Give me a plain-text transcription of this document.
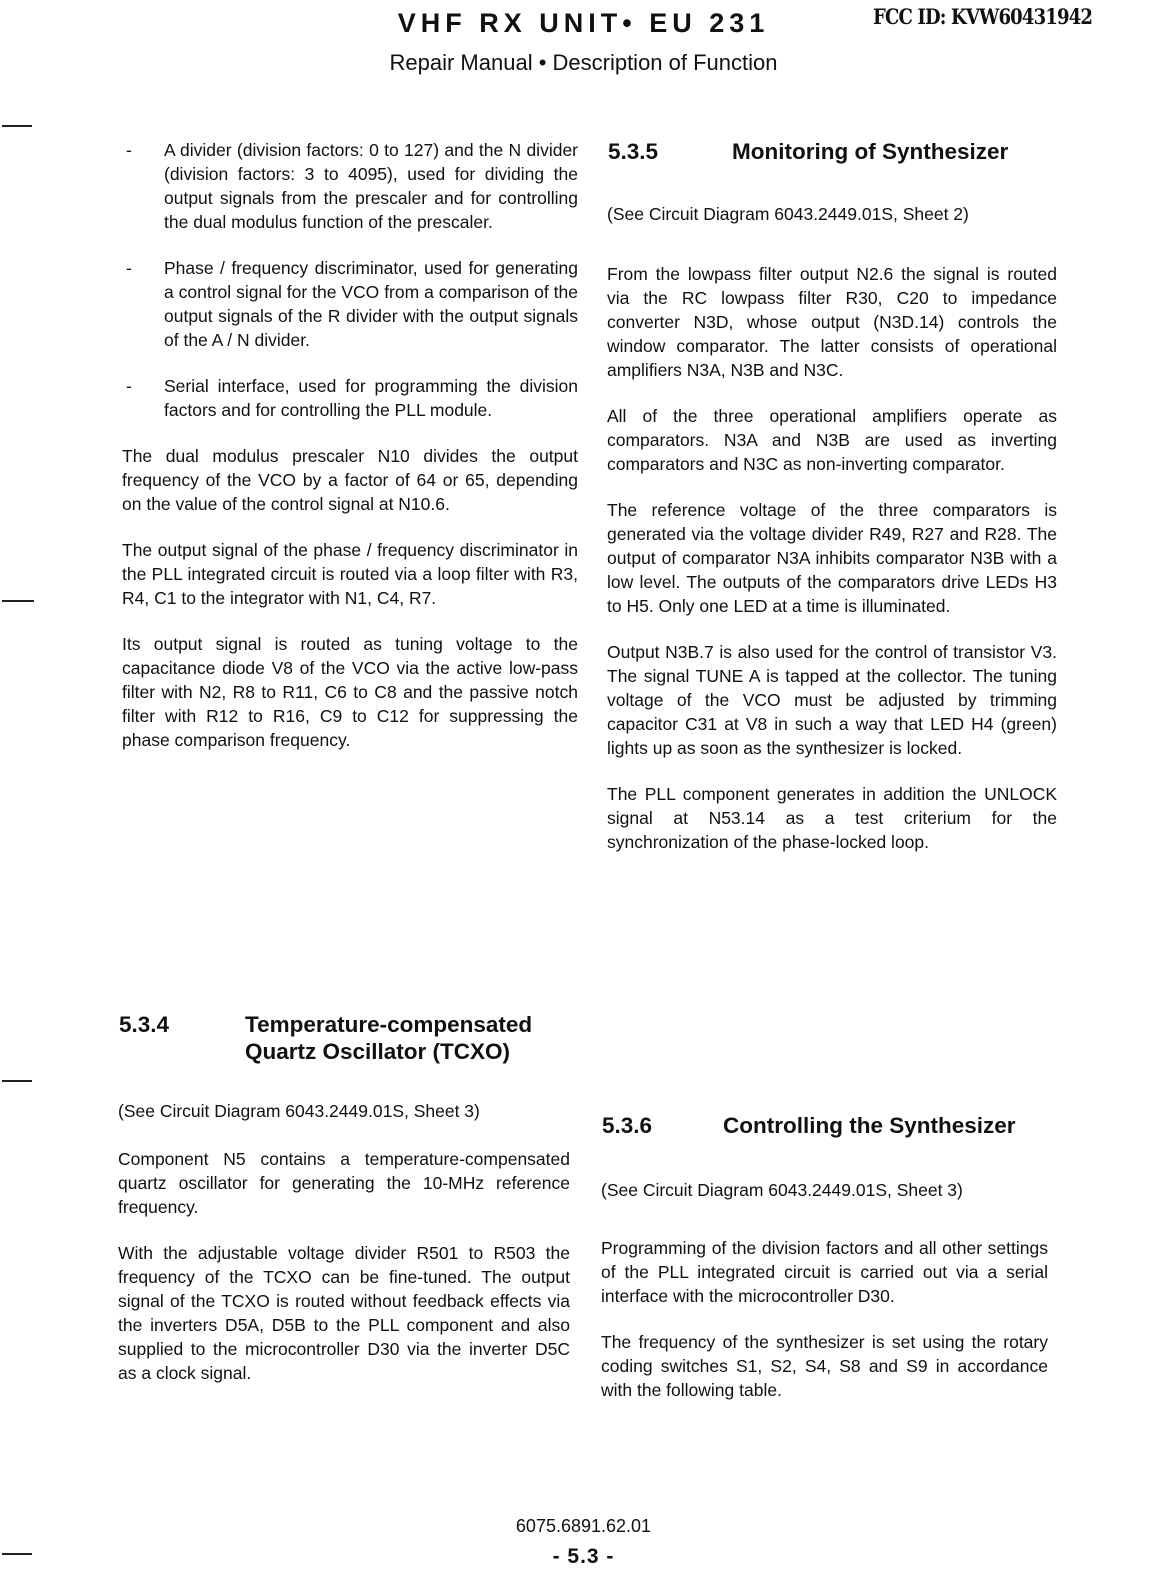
VHF RX UNIT• EU 231	FCC ID: KVW60431942
Repair Manual • Description of Function
- A divider (division factors: 0 to 127) and the N divider (division factors: 3 to 4095), used for dividing the output signals from the prescaler and for controlling the dual modulus function of the prescaler.

- Phase / frequency discriminator, used for generating a control signal for the VCO from a comparison of the output signals of the R divider with the output signals of the A / N divider.

- Serial interface, used for programming the division factors and for controlling the PLL module.

The dual modulus prescaler N10 divides the output frequency of the VCO by a factor of 64 or 65, depending on the value of the control signal at N10.6.

The output signal of the phase / frequency discriminator in the PLL integrated circuit is routed via a loop filter with R3, R4, C1 to the integrator with N1, C4, R7.

Its output signal is routed as tuning voltage to the capacitance diode V8 of the VCO via the active low-pass filter with N2, R8 to R11, C6 to C8 and the passive notch filter with R12 to R16, C9 to C12 for suppressing the phase comparison frequency.

5.3.4	Temperature-compensated
Quartz Oscillator (TCXO)

(See Circuit Diagram 6043.2449.01S, Sheet 3)

Component N5 contains a temperature-compensated quartz oscillator for generating the 10-MHz reference frequency.

With the adjustable voltage divider R501 to R503 the frequency of the TCXO can be fine-tuned. The output signal of the TCXO is routed without feedback effects via the inverters D5A, D5B to the PLL component and also supplied to the microcontroller D30 via the inverter D5C as a clock signal.

5.3.5	Monitoring of Synthesizer

(See Circuit Diagram 6043.2449.01S, Sheet 2)

From the lowpass filter output N2.6 the signal is routed via the RC lowpass filter R30, C20 to impedance converter N3D, whose output (N3D.14) controls the window comparator. The latter consists of operational amplifiers N3A, N3B and N3C.

All of the three operational amplifiers operate as comparators. N3A and N3B are used as inverting comparators and N3C as non-inverting comparator.

The reference voltage of the three comparators is generated via the voltage divider R49, R27 and R28. The output of comparator N3A inhibits comparator N3B with a low level. The outputs of the comparators drive LEDs H3 to H5. Only one LED at a time is illuminated.

Output N3B.7 is also used for the control of transistor V3. The signal TUNE A is tapped at the collector. The tuning voltage of the VCO must be adjusted by trimming capacitor C31 at V8 in such a way that LED H4 (green) lights up as soon as the synthesizer is locked.

The PLL component generates in addition the UNLOCK signal at N53.14 as a test criterium for the synchronization of the phase-locked loop.

5.3.6	Controlling the Synthesizer

(See Circuit Diagram 6043.2449.01S, Sheet 3)

Programming of the division factors and all other settings of the PLL integrated circuit is carried out via a serial interface with the microcontroller D30.

The frequency of the synthesizer is set using the rotary coding switches S1, S2, S4, S8 and S9 in accordance with the following table.

6075.6891.62.01
- 5.3 -
